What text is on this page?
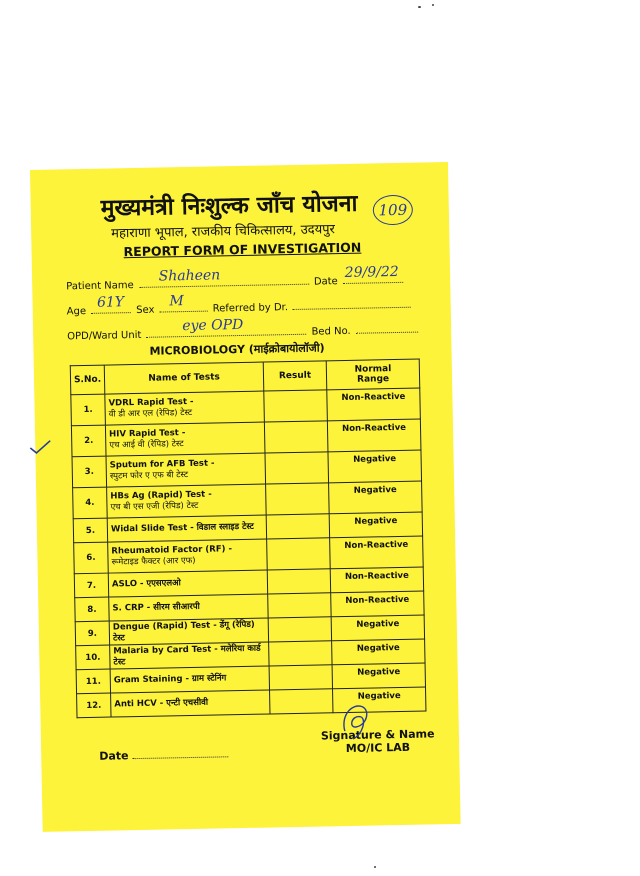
मुख्यमंत्री निःशुल्क जाँच योजना
महाराणा भूपाल, राजकीय चिकित्सालय, उदयपुर
REPORT FORM OF INVESTIGATION
109
Patient Name
Shaheen	Date
29/9/22
Age
61Y Sex
M	Referred by Dr.
OPD/Ward Unit
eye OPD	Bed No.
MICROBIOLOGY (माईक्रोबायोलॉजी)
S.No.	Name of Tests	Result	Normal
Range
1.	VDRL Rapid Test -
वी डी आर एल (रेपिड) टेस्ट		Non-Reactive
2.	HIV Rapid Test -
एच आई वी (रेपिड) टेस्ट		Non-Reactive
3.	Sputum for AFB Test -
स्पुटम फोर ए एफ बी टेस्ट		Negative
4.	HBs Ag (Rapid) Test -
एच बी एस एजी (रेपिड) टेस्ट		Negative
5.	Widal Slide Test - विडाल स्लाइड टेस्ट		Negative
6.	Rheumatoid Factor (RF) -
रूमेटाइड फैक्टर (आर एफ)		Non-Reactive
7.	ASLO - एएसएलओ		Non-Reactive
8.	S. CRP - सीरम सीआरपी		Non-Reactive
9.	Dengue (Rapid) Test - डेंगू (रेपिड) टेस्ट		Negative
10.	Malaria by Card Test - मलेरिया कार्ड टेस्ट		Negative
11.	Gram Staining - ग्राम स्टेनिंग		Negative
12.	Anti HCV - एन्टी एचसीवी		Negative
Date
Signature & Name
MO/IC LAB
